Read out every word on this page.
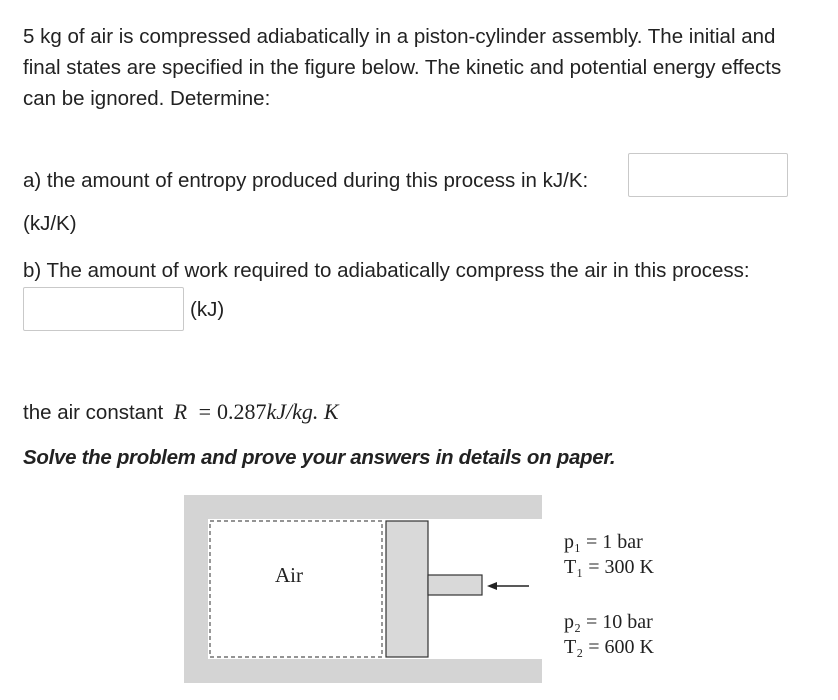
5 kg of air is compressed adiabatically in a piston-cylinder assembly. The initial and

final states are specified in the figure below. The kinetic and potential energy effects

can be ignored. Determine:

a) the amount of entropy produced during this process in kJ/K:
(kJ/K)
b) The amount of work required to adiabatically compress the air in this process:
(kJ)
the air constant R = 0.287kJ/kg. K
Solve the problem and prove your answers in details on paper.
Air
p₁ = 1 bar
T₁ = 300 K
p₂ = 10 bar
T₂ = 600 K
